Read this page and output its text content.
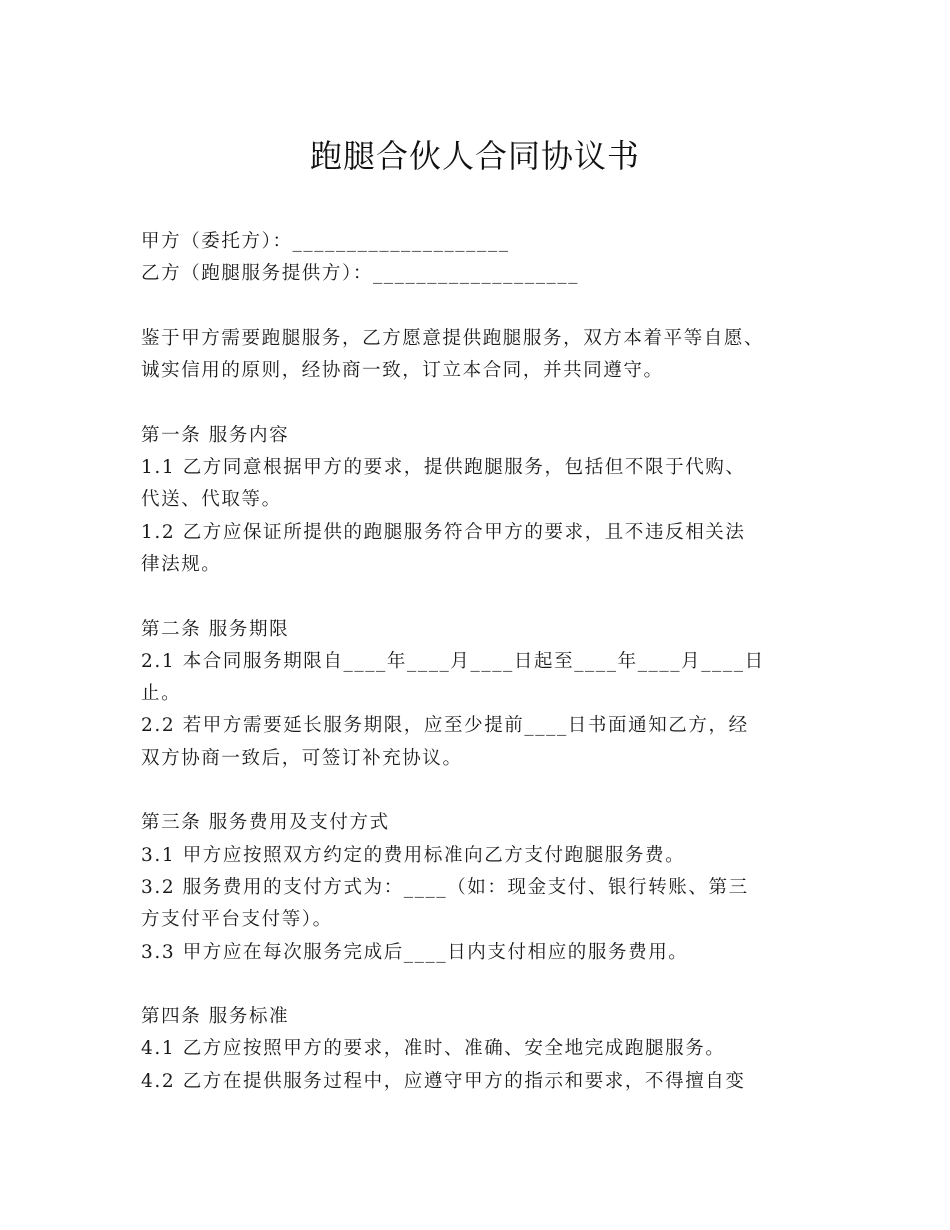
跑腿合伙人合同协议书
甲方（委托方）：____________________
乙方（跑腿服务提供方）：___________________
鉴于甲方需要跑腿服务，乙方愿意提供跑腿服务，双方本着平等自愿、
诚实信用的原则，经协商一致，订立本合同，并共同遵守。
第一条 服务内容
1.1 乙方同意根据甲方的要求，提供跑腿服务，包括但不限于代购、
代送、代取等。
1.2 乙方应保证所提供的跑腿服务符合甲方的要求，且不违反相关法
律法规。
第二条 服务期限
2.1 本合同服务期限自____年____月____日起至____年____月____日
止。
2.2 若甲方需要延长服务期限，应至少提前____日书面通知乙方，经
双方协商一致后，可签订补充协议。
第三条 服务费用及支付方式
3.1 甲方应按照双方约定的费用标准向乙方支付跑腿服务费。
3.2 服务费用的支付方式为：____（如：现金支付、银行转账、第三
方支付平台支付等）。
3.3 甲方应在每次服务完成后____日内支付相应的服务费用。
第四条 服务标准
4.1 乙方应按照甲方的要求，准时、准确、安全地完成跑腿服务。
4.2 乙方在提供服务过程中，应遵守甲方的指示和要求，不得擅自变
